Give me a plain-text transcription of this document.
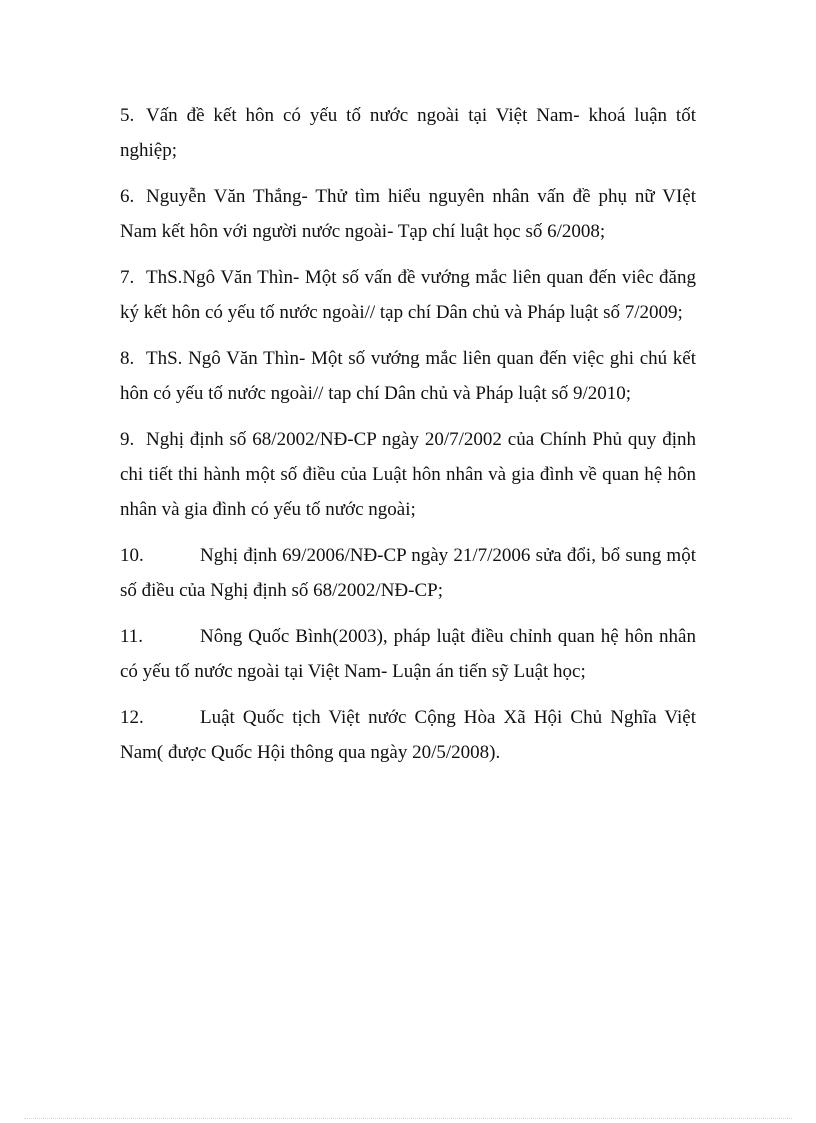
5. Vấn đề kết hôn có yếu tố nước ngoài tại Việt Nam- khoá luận tốt nghiệp;

6. Nguyễn Văn Thắng- Thử tìm hiểu nguyên nhân vấn đề phụ nữ VIệt Nam kết hôn với người nước ngoài- Tạp chí luật học số 6/2008;

7. ThS.Ngô Văn Thìn- Một số vấn đề vướng mắc liên quan đến viêc đăng ký kết hôn có yếu tố nước ngoài// tạp chí Dân chủ và Pháp luật số 7/2009;

8. ThS. Ngô Văn Thìn- Một số vướng mắc liên quan đến việc ghi chú kết hôn có yếu tố nước ngoài// tap chí Dân chủ và Pháp luật số 9/2010;

9. Nghị định số 68/2002/NĐ-CP ngày 20/7/2002 của Chính Phủ quy định chi tiết thi hành một số điều của Luật hôn nhân và gia đình về quan hệ hôn nhân và gia đình có yếu tố nước ngoài;

10.	Nghị định 69/2006/NĐ-CP ngày 21/7/2006 sửa đổi, bổ sung một số điều của Nghị định số 68/2002/NĐ-CP;

11.	Nông Quốc Bình(2003), pháp luật điều chỉnh quan hệ hôn nhân có yếu tố nước ngoài tại Việt Nam- Luận án tiến sỹ Luật học;

12.	Luật Quốc tịch Việt nước Cộng Hòa Xã Hội Chủ Nghĩa Việt Nam( được Quốc Hội thông qua ngày 20/5/2008).
